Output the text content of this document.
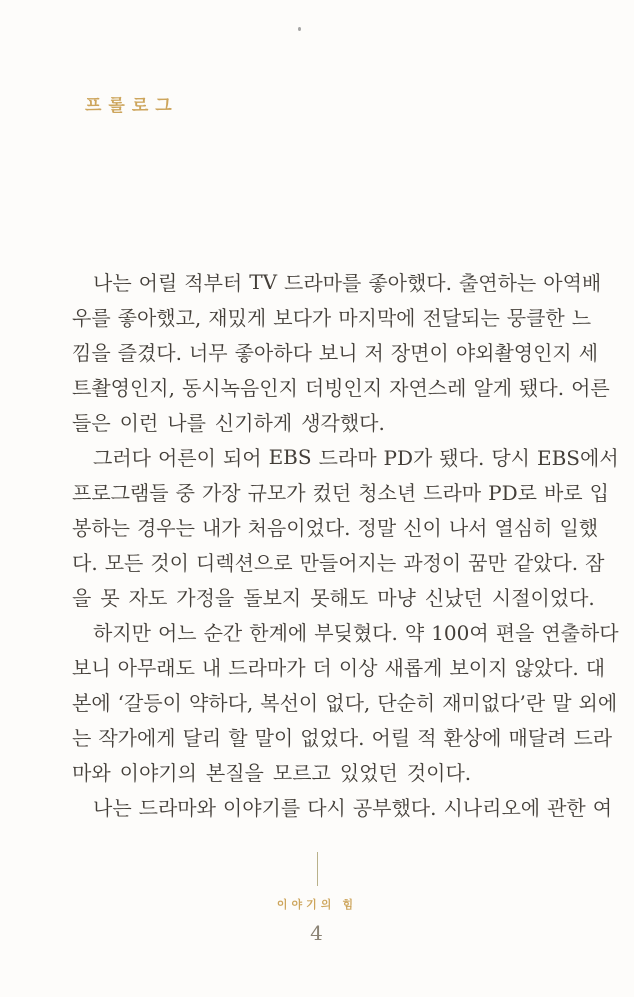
프롤로그
나는 어릴 적부터 TV 드라마를 좋아했다. 출연하는 아역배
우를 좋아했고, 재밌게 보다가 마지막에 전달되는 뭉클한 느
낌을 즐겼다. 너무 좋아하다 보니 저 장면이 야외촬영인지 세
트촬영인지, 동시녹음인지 더빙인지 자연스레 알게 됐다. 어른
들은 이런 나를 신기하게 생각했다.
그러다 어른이 되어 EBS 드라마 PD가 됐다. 당시 EBS에서
프로그램들 중 가장 규모가 컸던 청소년 드라마 PD로 바로 입
봉하는 경우는 내가 처음이었다. 정말 신이 나서 열심히 일했
다. 모든 것이 디렉션으로 만들어지는 과정이 꿈만 같았다. 잠
을 못 자도 가정을 돌보지 못해도 마냥 신났던 시절이었다.
하지만 어느 순간 한계에 부딪혔다. 약 100여 편을 연출하다
보니 아무래도 내 드라마가 더 이상 새롭게 보이지 않았다. 대
본에 ‘갈등이 약하다, 복선이 없다, 단순히 재미없다’란 말 외에
는 작가에게 달리 할 말이 없었다. 어릴 적 환상에 매달려 드라
마와 이야기의 본질을 모르고 있었던 것이다.
나는 드라마와 이야기를 다시 공부했다. 시나리오에 관한 여
이야기의 힘
4
